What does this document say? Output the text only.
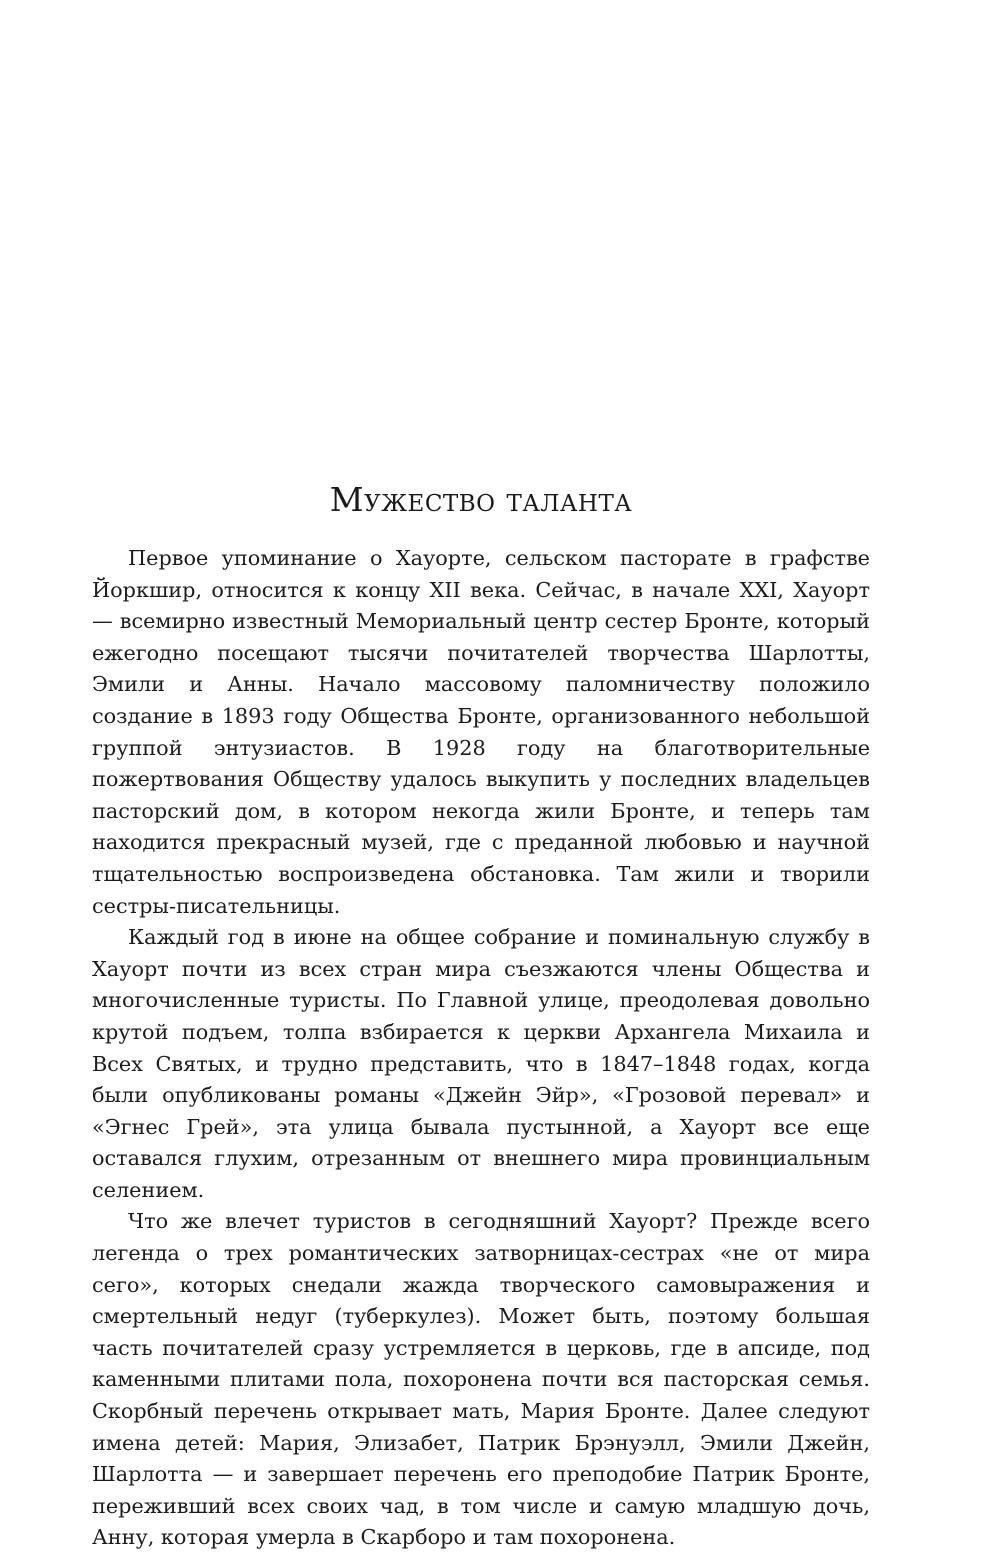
Мужество таланта

Первое упоминание о Хауорте, сельском пасторате в графстве Йоркшир, относится к концу XII века. Сейчас, в начале XXI, Хауорт — всемирно известный Мемориальный центр сестер Бронте, который ежегодно посещают тысячи почитателей творчества Шарлотты, Эмили и Анны. Начало массовому паломничеству положило создание в 1893 году Общества Бронте, организованного небольшой группой энтузиастов. В 1928 году на благотворительные пожертвования Обществу удалось выкупить у последних владельцев пасторский дом, в котором некогда жили Бронте, и теперь там находится прекрасный музей, где с преданной любовью и научной тщательностью воспроизведена обстановка. Там жили и творили сестры-писательницы.

Каждый год в июне на общее собрание и поминальную службу в Хауорт почти из всех стран мира съезжаются члены Общества и многочисленные туристы. По Главной улице, преодолевая довольно крутой подъем, толпа взбирается к церкви Архангела Михаила и Всех Святых, и трудно представить, что в 1847–1848 годах, когда были опубликованы романы «Джейн Эйр», «Грозовой перевал» и «Эгнес Грей», эта улица бывала пустынной, а Хауорт все еще оставался глухим, отрезанным от внешнего мира провинциальным селением.

Что же влечет туристов в сегодняшний Хауорт? Прежде всего легенда о трех романтических затворницах-сестрах «не от мира сего», которых снедали жажда творческого самовыражения и смертельный недуг (туберкулез). Может быть, поэтому большая часть почитателей сразу устремляется в церковь, где в апсиде, под каменными плитами пола, похоронена почти вся пасторская семья. Скорбный перечень открывает мать, Мария Бронте. Далее следуют имена детей: Мария, Элизабет, Патрик Брэнуэлл, Эмили Джейн, Шарлотта — и завершает перечень его преподобие Патрик Бронте, переживший всех своих чад, в том числе и самую младшую дочь, Анну, которая умерла в Скарборо и там похоронена.
